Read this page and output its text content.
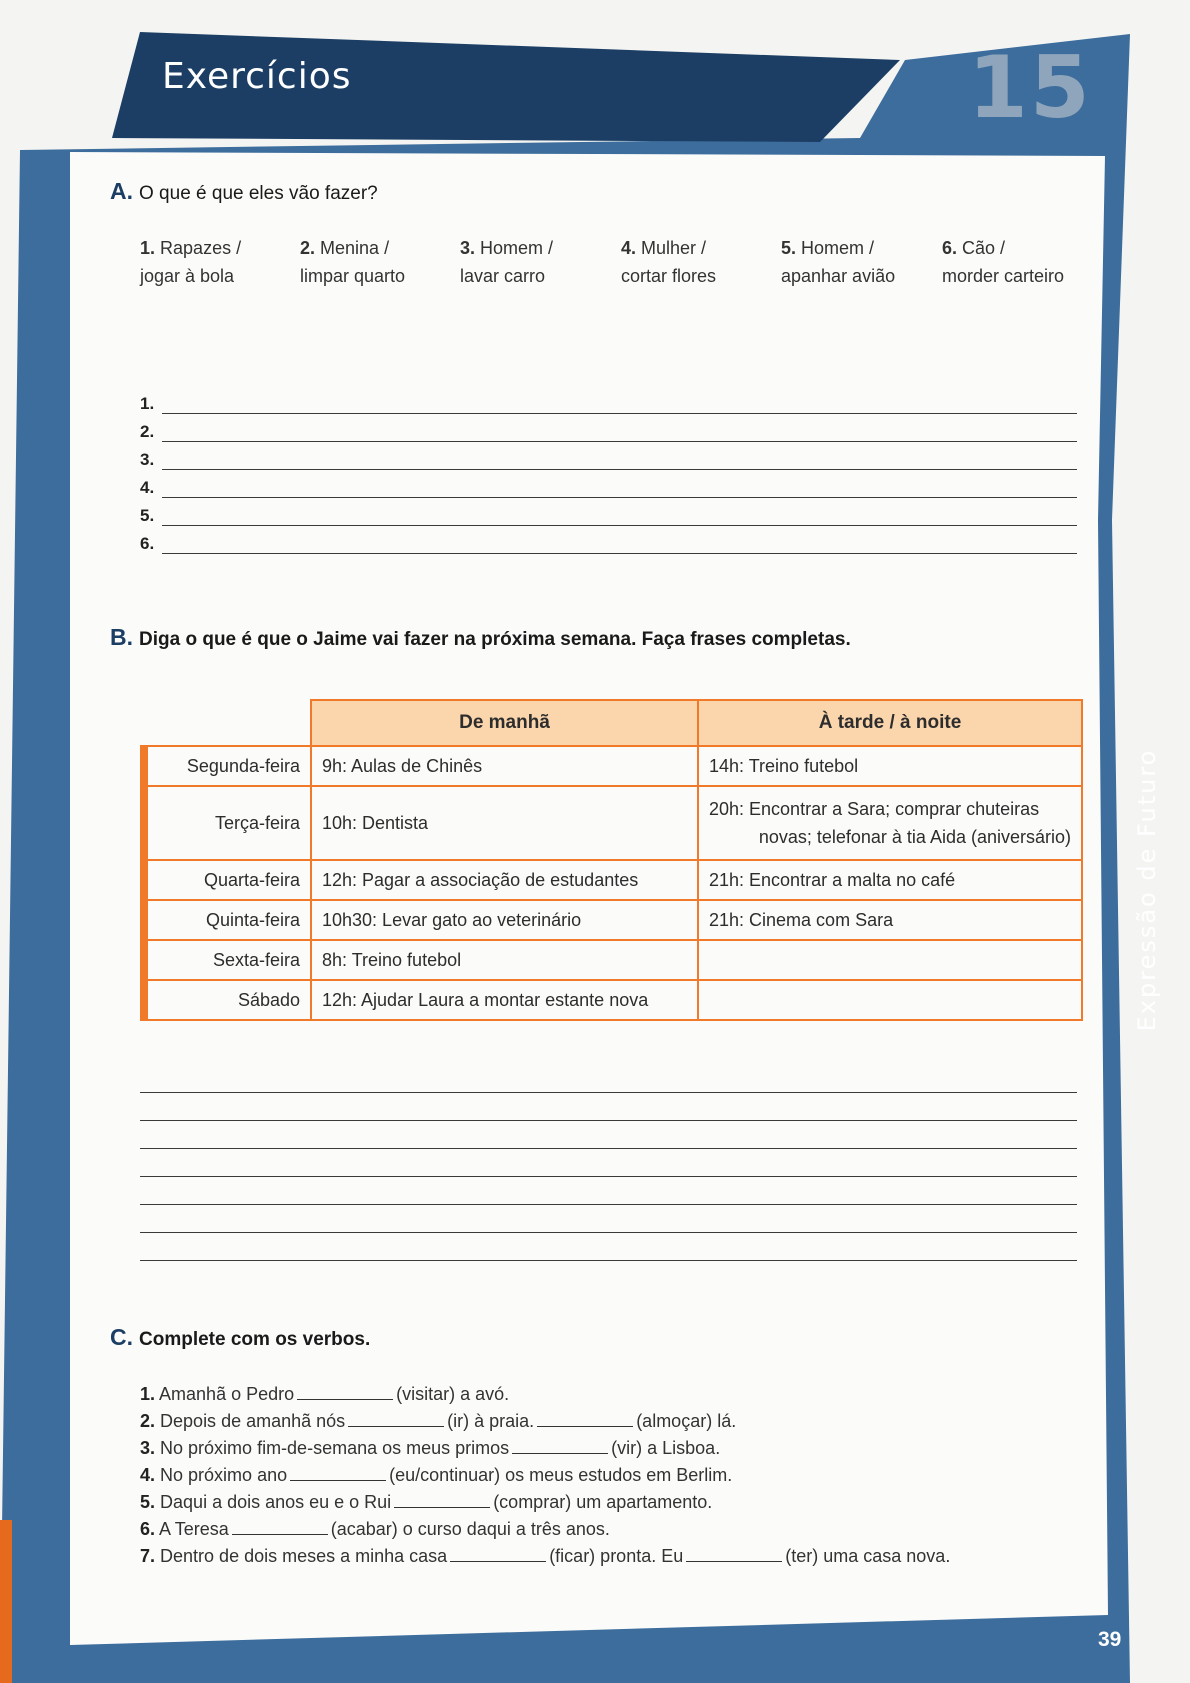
Exercícios	15
Expressão de Futuro
39
A. O que é que eles vão fazer?
1. Rapazes /
jogar à bola
2. Menina /
limpar quarto
3. Homem /
lavar carro
4. Mulher /
cortar flores
5. Homem /
apanhar avião
6. Cão /
morder carteiro
1.
2.
3.
4.
5.
6.
B. Diga o que é que o Jaime vai fazer na próxima semana. Faça frases completas.
De manhã	À tarde / à noite
Segunda-feira	9h: Aulas de Chinês	14h: Treino futebol
Terça-feira	10h: Dentista	20h: Encontrar a Sara; comprar chuteiras
novas; telefonar à tia Aida (aniversário)

Quarta-feira	12h: Pagar a associação de estudantes	21h: Encontrar a malta no café
Quinta-feira	10h30: Levar gato ao veterinário	21h: Cinema com Sara
Sexta-feira	8h: Treino futebol	
Sábado	12h: Ajudar Laura a montar estante nova	
C. Complete com os verbos.
1. Amanhã o Pedro	(visitar) a avó.
2. Depois de amanhã nós	(ir) à praia.	(almoçar) lá.
3. No próximo fim-de-semana os meus primos	(vir) a Lisboa.
4. No próximo ano	(eu/continuar) os meus estudos em Berlim.
5. Daqui a dois anos eu e o Rui	(comprar) um apartamento.
6. A Teresa	(acabar) o curso daqui a três anos.
7. Dentro de dois meses a minha casa	(ficar) pronta. Eu	(ter) uma casa nova.
